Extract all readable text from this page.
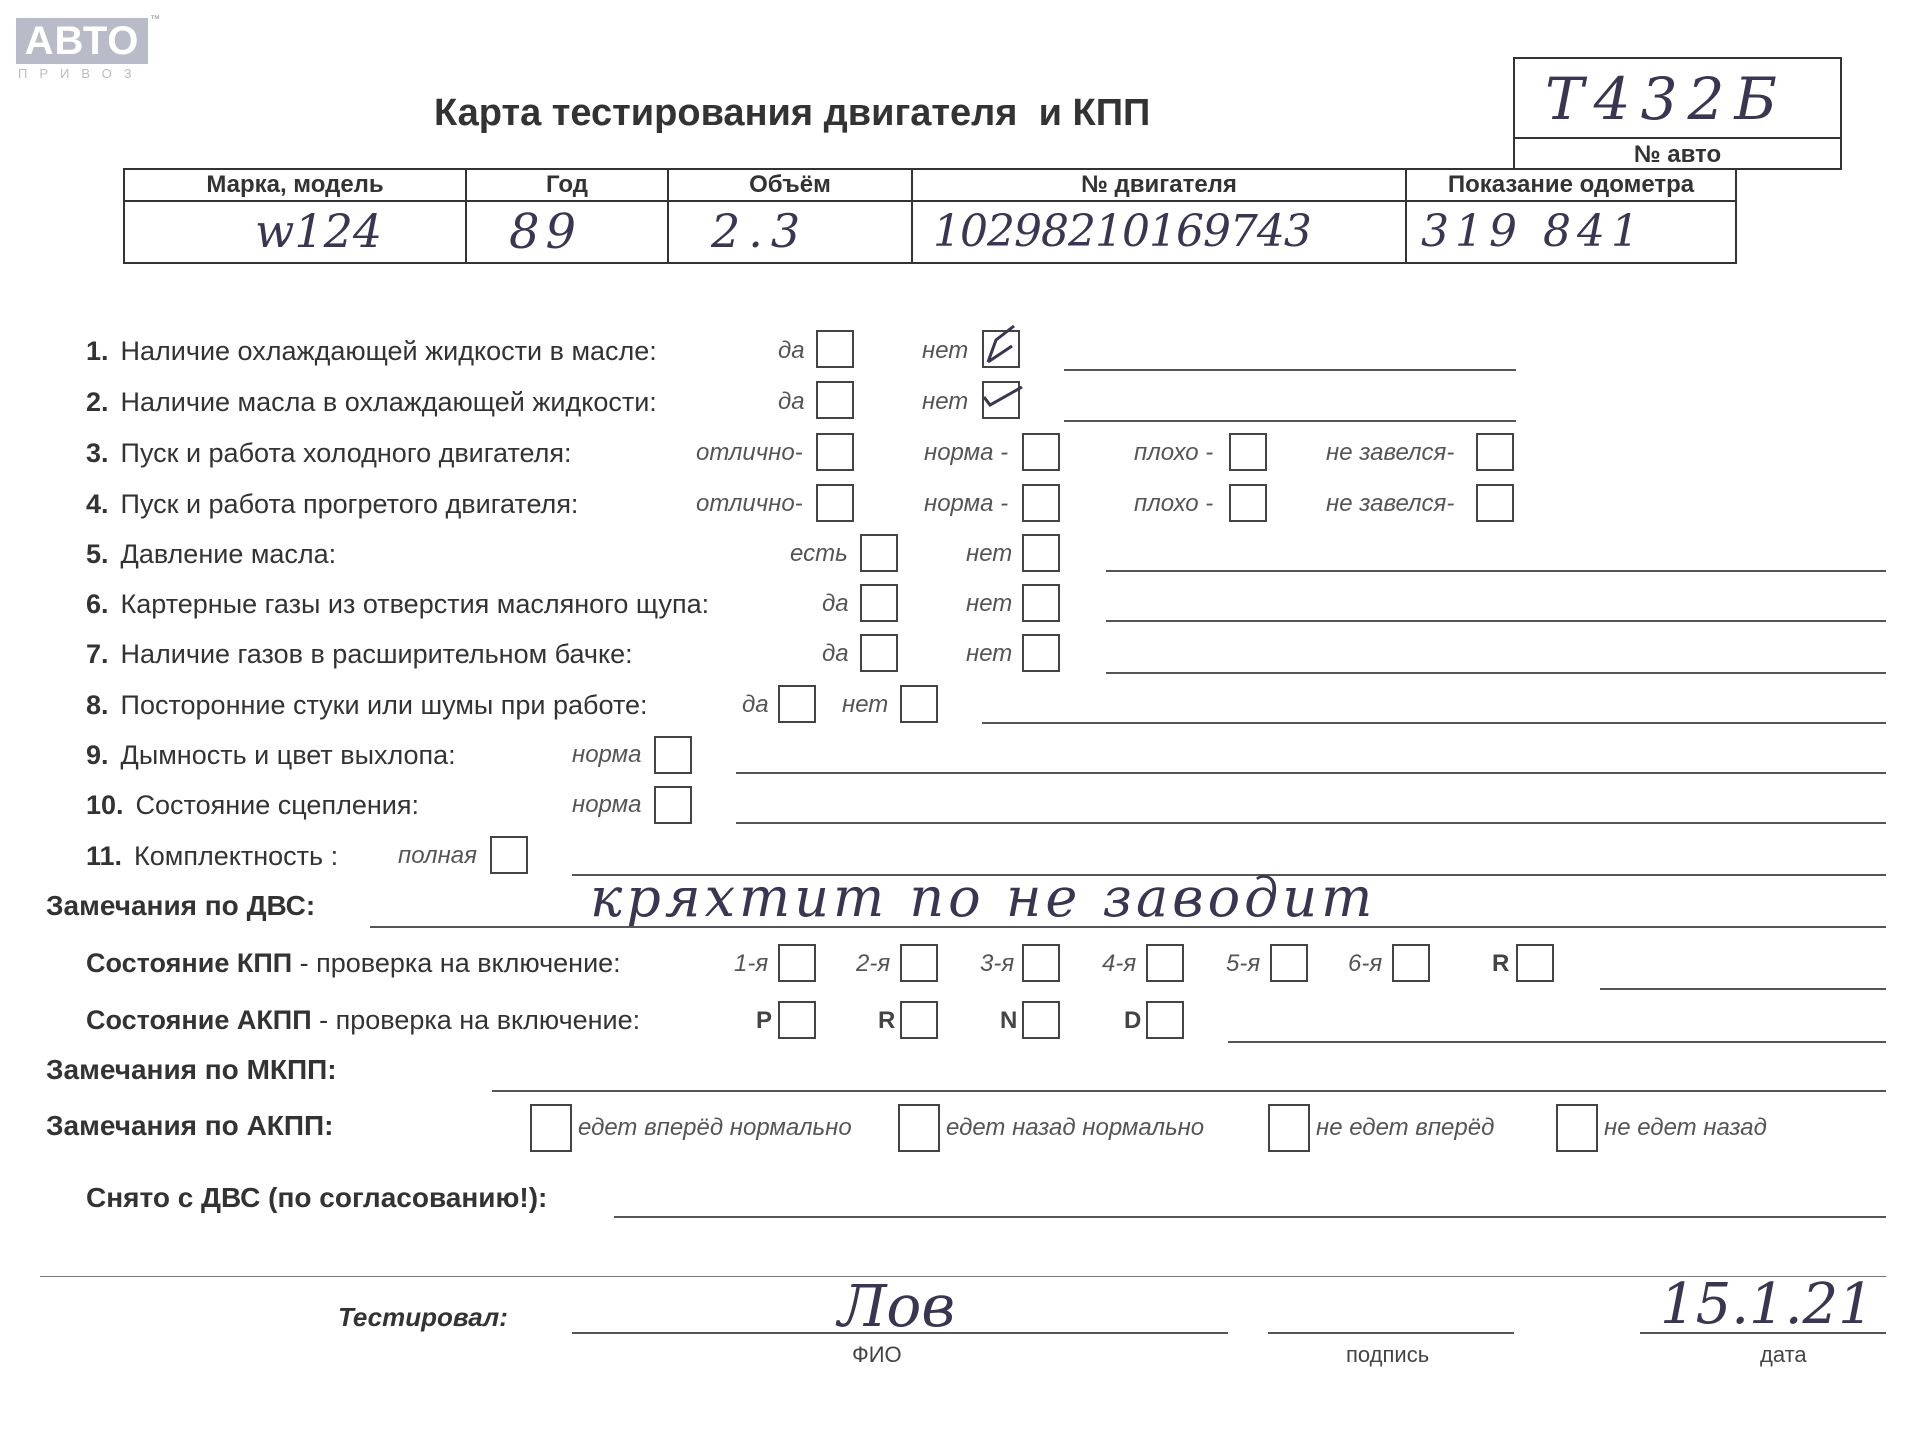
АВТО	™
ПРИВОЗ
Карта тестирования двигателя  и КПП	Т432Б
№ авто
Марка, модель	Год	Объём	№ двигателя	Показание одометра

w124	89	2.3	10298210169743	319 841
1. Наличие охлаждающей жидкости в масле:	да	нет
2. Наличие масла в охлаждающей жидкости:	да	нет
3. Пуск и работа холодного двигателя:	отлично-	норма -	плохо -	не завелся-
4. Пуск и работа прогретого двигателя:	отлично-	норма -	плохо -	не завелся-
5. Давление масла:	есть	нет
6. Картерные газы из отверстия масляного щупа:	да	нет
7. Наличие газов в расширительном бачке:	да	нет
8. Посторонние стуки или шумы при работе:	да	нет
9. Дымность и цвет выхлопа:	норма
10. Состояние сцепления:	норма
11. Комплектность : полная
Замечания по ДВС:	кряхтит по не заводит
Состояние КПП - проверка на включение:	1-я	2-я	3-я	4-я	5-я	6-я	R
Состояние АКПП - проверка на включение:	P	R	N	D
Замечания по МКПП:
Замечания по АКПП:	едет вперёд нормально	едет назад нормально	не едет вперёд	не едет назад
Снято с ДВС (по согласованию!):
Тестировал:	Лов
ФИО	подпись
15.1.21
дата
